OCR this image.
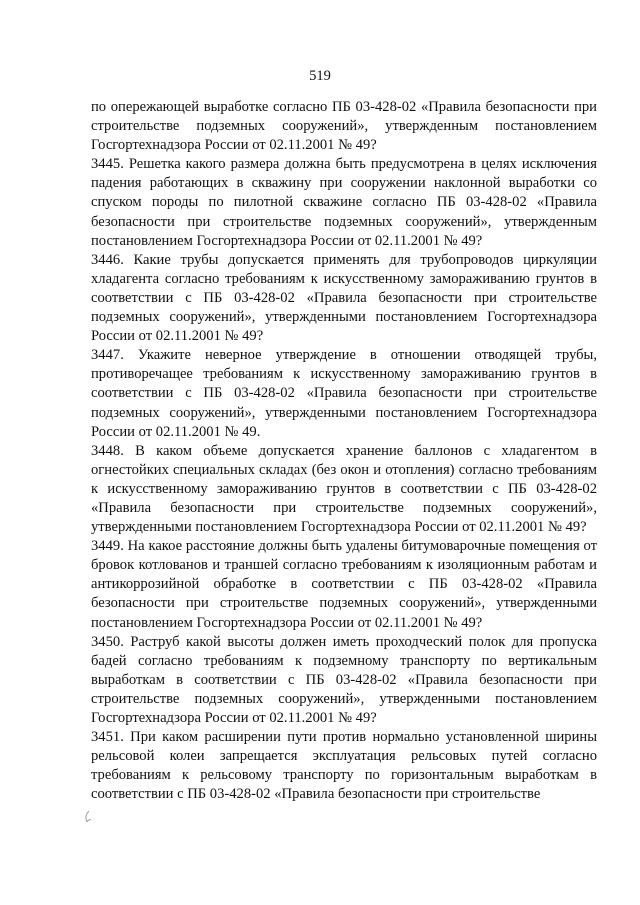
519

по опережающей выработке согласно ПБ 03-428-02 «Правила безопасности при строительстве подземных сооружений», утвержденным постановлением Госгортехнадзора России от 02.11.2001 № 49?

3445. Решетка какого размера должна быть предусмотрена в целях исключения падения работающих в скважину при сооружении наклонной выработки со спуском породы по пилотной скважине согласно ПБ 03-428-02 «Правила безопасности при строительстве подземных сооружений», утвержденным постановлением Госгортехнадзора России от 02.11.2001 № 49?

3446. Какие трубы допускается применять для трубопроводов циркуляции хладагента согласно требованиям к искусственному замораживанию грунтов в соответствии с ПБ 03-428-02 «Правила безопасности при строительстве подземных сооружений», утвержденными постановлением Госгортехнадзора России от 02.11.2001 № 49?

3447. Укажите неверное утверждение в отношении отводящей трубы, противоречащее требованиям к искусственному замораживанию грунтов в соответствии с ПБ 03-428-02 «Правила безопасности при строительстве подземных сооружений», утвержденными постановлением Госгортехнадзора России от 02.11.2001 № 49.

3448. В каком объеме допускается хранение баллонов с хладагентом в огнестойких специальных складах (без окон и отопления) согласно требованиям к искусственному замораживанию грунтов в соответствии с ПБ 03-428-02 «Правила безопасности при строительстве подземных сооружений», утвержденными постановлением Госгортехнадзора России от 02.11.2001 № 49?

3449. На какое расстояние должны быть удалены битумоварочные помещения от бровок котлованов и траншей согласно требованиям к изоляционным работам и антикоррозийной обработке в соответствии с ПБ 03-428-02 «Правила безопасности при строительстве подземных сооружений», утвержденными постановлением Госгортехнадзора России от 02.11.2001 № 49?

3450. Раструб какой высоты должен иметь проходческий полок для пропуска бадей согласно требованиям к подземному транспорту по вертикальным выработкам в соответствии с ПБ 03-428-02 «Правила безопасности при строительстве подземных сооружений», утвержденными постановлением Госгортехнадзора России от 02.11.2001 № 49?

3451. При каком расширении пути против нормально установленной ширины рельсовой колеи запрещается эксплуатация рельсовых путей согласно требованиям к рельсовому транспорту по горизонтальным выработкам в соответствии с ПБ 03-428-02 «Правила безопасности при строительстве
